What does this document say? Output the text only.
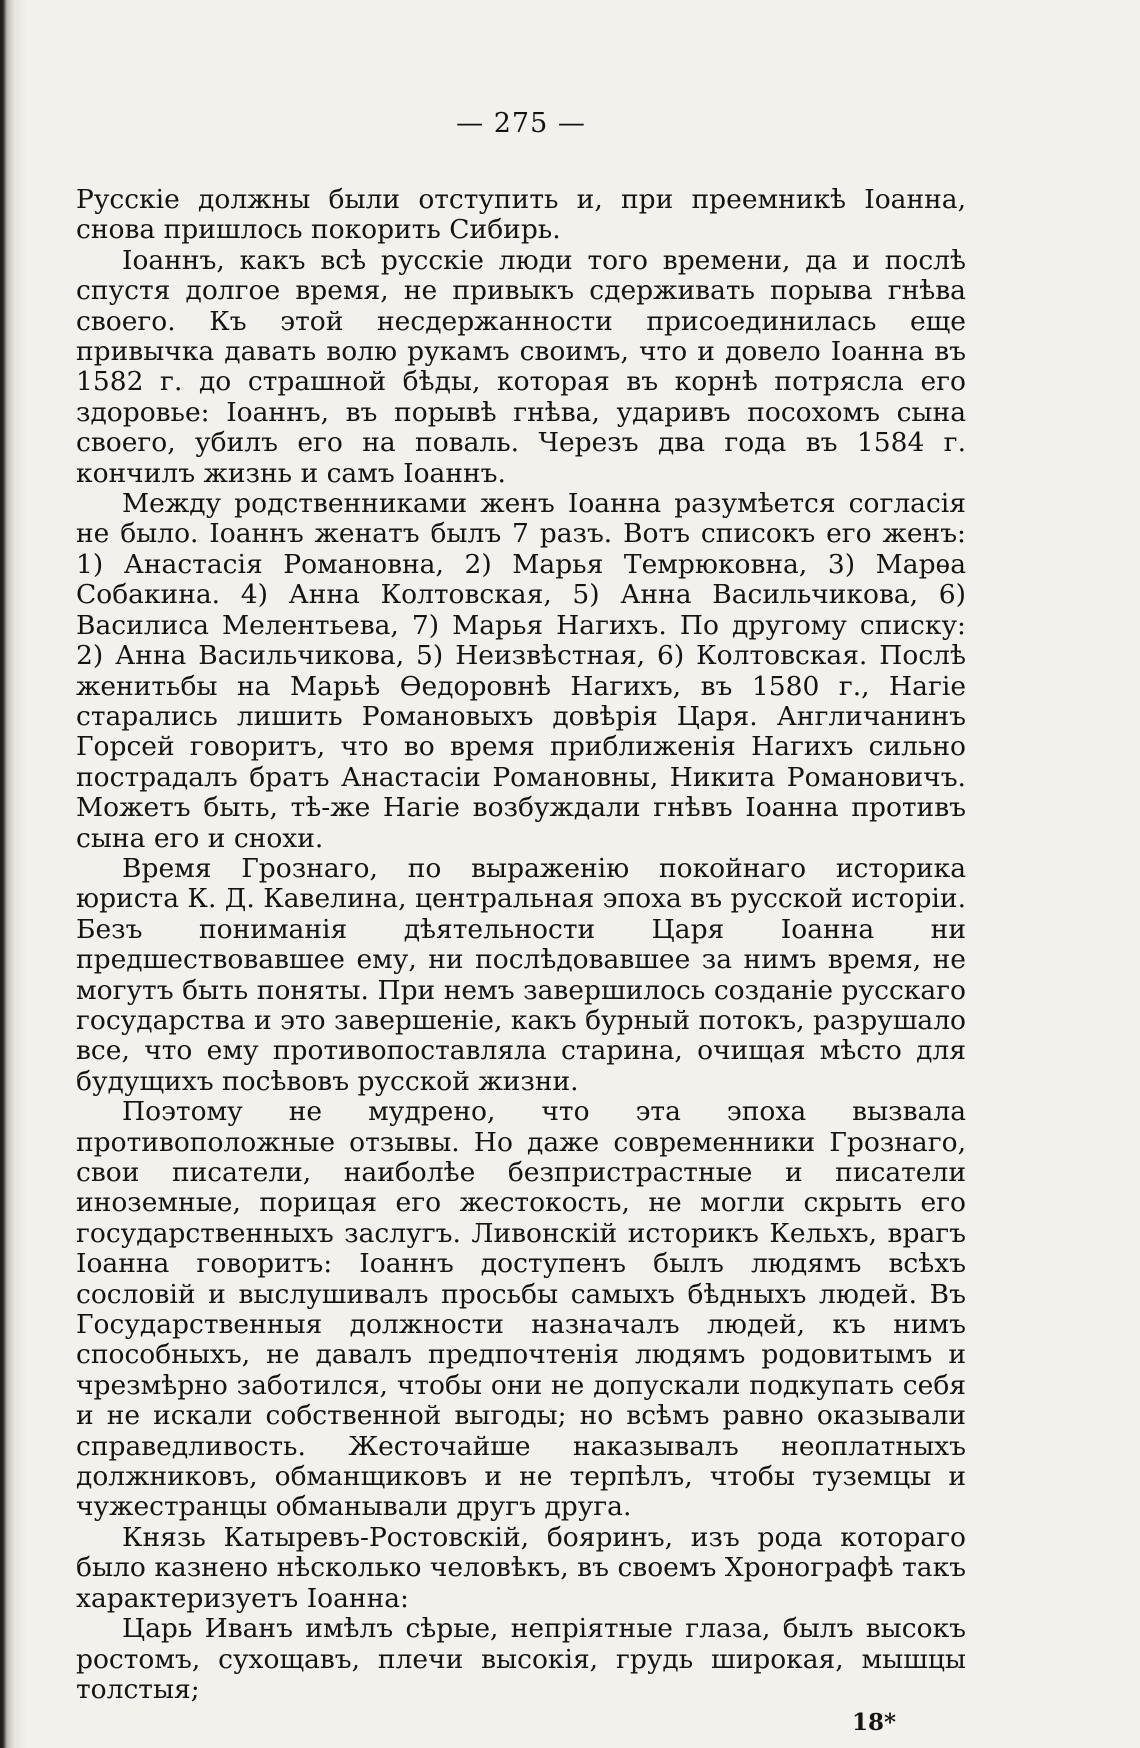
— 275 —

Русскіе должны были отступить и, при преемникѣ Іоанна, снова пришлось покорить Сибирь.

Іоаннъ, какъ всѣ русскіе люди того времени, да и послѣ спустя долгое время, не привыкъ сдерживать порыва гнѣва своего. Къ этой несдержанности присоединилась еще привычка давать волю рукамъ своимъ, что и довело Іоанна въ 1582 г. до страшной бѣды, которая въ корнѣ потрясла его здоровье: Іоаннъ, въ порывѣ гнѣва, ударивъ посохомъ сына своего, убилъ его на поваль. Черезъ два года въ 1584 г. кончилъ жизнь и самъ Іоаннъ.

Между родственниками женъ Іоанна разумѣется согласія не было. Іоаннъ женатъ былъ 7 разъ. Вотъ списокъ его женъ: 1) Анастасія Романовна, 2) Марья Темрюковна, 3) Марѳа Собакина. 4) Анна Колтовская, 5) Анна Васильчикова, 6) Василиса Мелентьева, 7) Марья Нагихъ. По другому списку: 2) Анна Васильчикова, 5) Неизвѣстная, 6) Колтовская. Послѣ женитьбы на Марьѣ Ѳедоровнѣ Нагихъ, въ 1580 г., Нагіе старались лишить Романовыхъ довѣрія Царя. Англичанинъ Горсей говоритъ, что во время приближенія Нагихъ сильно пострадалъ братъ Анастасіи Романовны, Никита Романовичъ. Можетъ быть, тѣ-же Нагіе возбуждали гнѣвъ Іоанна противъ сына его и снохи.

Время Грознаго, по выраженію покойнаго историка юриста К. Д. Кавелина, центральная эпоха въ русской исторіи. Безъ пониманія дѣятельности Царя Іоанна ни предшествовавшее ему, ни послѣдовавшее за нимъ время, не могутъ быть поняты. При немъ завершилось созданіе русскаго государства и это завершеніе, какъ бурный потокъ, разрушало все, что ему противопоставляла старина, очищая мѣсто для будущихъ посѣвовъ русской жизни.

Поэтому не мудрено, что эта эпоха вызвала противоположные отзывы. Но даже современники Грознаго, свои писатели, наиболѣе безпристрастные и писатели иноземные, порицая его жестокость, не могли скрыть его государственныхъ заслугъ. Ливонскій историкъ Кельхъ, врагъ Іоанна говоритъ: Іоаннъ доступенъ былъ людямъ всѣхъ сословій и выслушивалъ просьбы самыхъ бѣдныхъ людей. Въ Государственныя должности назначалъ людей, къ нимъ способныхъ, не давалъ предпочтенія людямъ родовитымъ и чрезмѣрно заботился, чтобы они не допускали подкупать себя и не искали собственной выгоды; но всѣмъ равно оказывали справедливость. Жесточайше наказывалъ неоплатныхъ должниковъ, обманщиковъ и не терпѣлъ, чтобы туземцы и чужестранцы обманывали другъ друга.

Князь Катыревъ-Ростовскій, бояринъ, изъ рода котораго было казнено нѣсколько человѣкъ, въ своемъ Хронографѣ такъ характеризуетъ Іоанна:

Царь Иванъ имѣлъ сѣрые, непріятные глаза, былъ высокъ ростомъ, сухощавъ, плечи высокія, грудь широкая, мышцы толстыя;

18*
